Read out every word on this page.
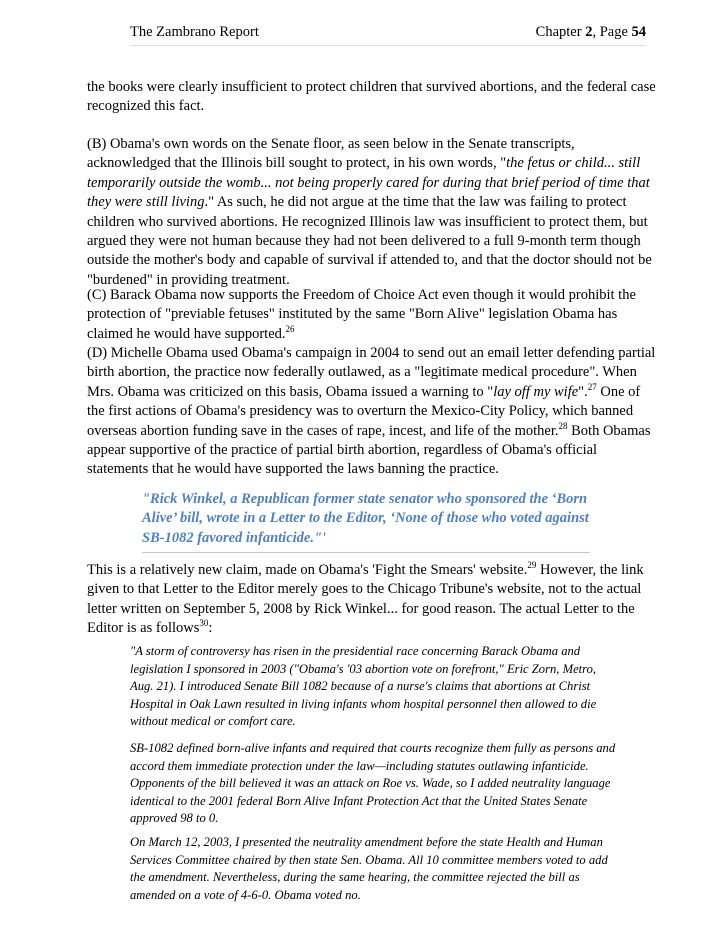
The Zambrano Report	Chapter 2, Page 54

the books were clearly insufficient to protect children that survived abortions, and the federal case recognized this fact.

(B) Obama's own words on the Senate floor, as seen below in the Senate transcripts, acknowledged that the Illinois bill sought to protect, in his own words, "the fetus or child... still temporarily outside the womb... not being properly cared for during that brief period of time that they were still living." As such, he did not argue at the time that the law was failing to protect children who survived abortions. He recognized Illinois law was insufficient to protect them, but argued they were not human because they had not been delivered to a full 9-month term though outside the mother's body and capable of survival if attended to, and that the doctor should not be "burdened" in providing treatment.

(C) Barack Obama now supports the Freedom of Choice Act even though it would prohibit the protection of "previable fetuses" instituted by the same "Born Alive" legislation Obama has claimed he would have supported.$^{26}$

(D) Michelle Obama used Obama's campaign in 2004 to send out an email letter defending partial birth abortion, the practice now federally outlawed, as a "legitimate medical procedure". When Mrs. Obama was criticized on this basis, Obama issued a warning to "lay off my wife".$^{27}$ One of the first actions of Obama's presidency was to overturn the Mexico-City Policy, which banned overseas abortion funding save in the cases of rape, incest, and life of the mother.$^{28}$ Both Obamas appear supportive of the practice of partial birth abortion, regardless of Obama's official statements that he would have supported the laws banning the practice.

"Rick Winkel, a Republican former state senator who sponsored the ‘Born Alive’ bill, wrote in a Letter to the Editor, ‘None of those who voted against SB-1082 favored infanticide."'

This is a relatively new claim, made on Obama's 'Fight the Smears' website.$^{29}$ However, the link given to that Letter to the Editor merely goes to the Chicago Tribune's website, not to the actual letter written on September 5, 2008 by Rick Winkel... for good reason. The actual Letter to the Editor is as follows$^{30}$:

"A storm of controversy has risen in the presidential race concerning Barack Obama and legislation I sponsored in 2003 ("Obama's '03 abortion vote on forefront," Eric Zorn, Metro, Aug. 21). I introduced Senate Bill 1082 because of a nurse's claims that abortions at Christ Hospital in Oak Lawn resulted in living infants whom hospital personnel then allowed to die without medical or comfort care.

SB-1082 defined born-alive infants and required that courts recognize them fully as persons and accord them immediate protection under the law—including statutes outlawing infanticide. Opponents of the bill believed it was an attack on Roe vs. Wade, so I added neutrality language identical to the 2001 federal Born Alive Infant Protection Act that the United States Senate approved 98 to 0.

On March 12, 2003, I presented the neutrality amendment before the state Health and Human Services Committee chaired by then state Sen. Obama. All 10 committee members voted to add the amendment. Nevertheless, during the same hearing, the committee rejected the bill as amended on a vote of 4-6-0. Obama voted no.
